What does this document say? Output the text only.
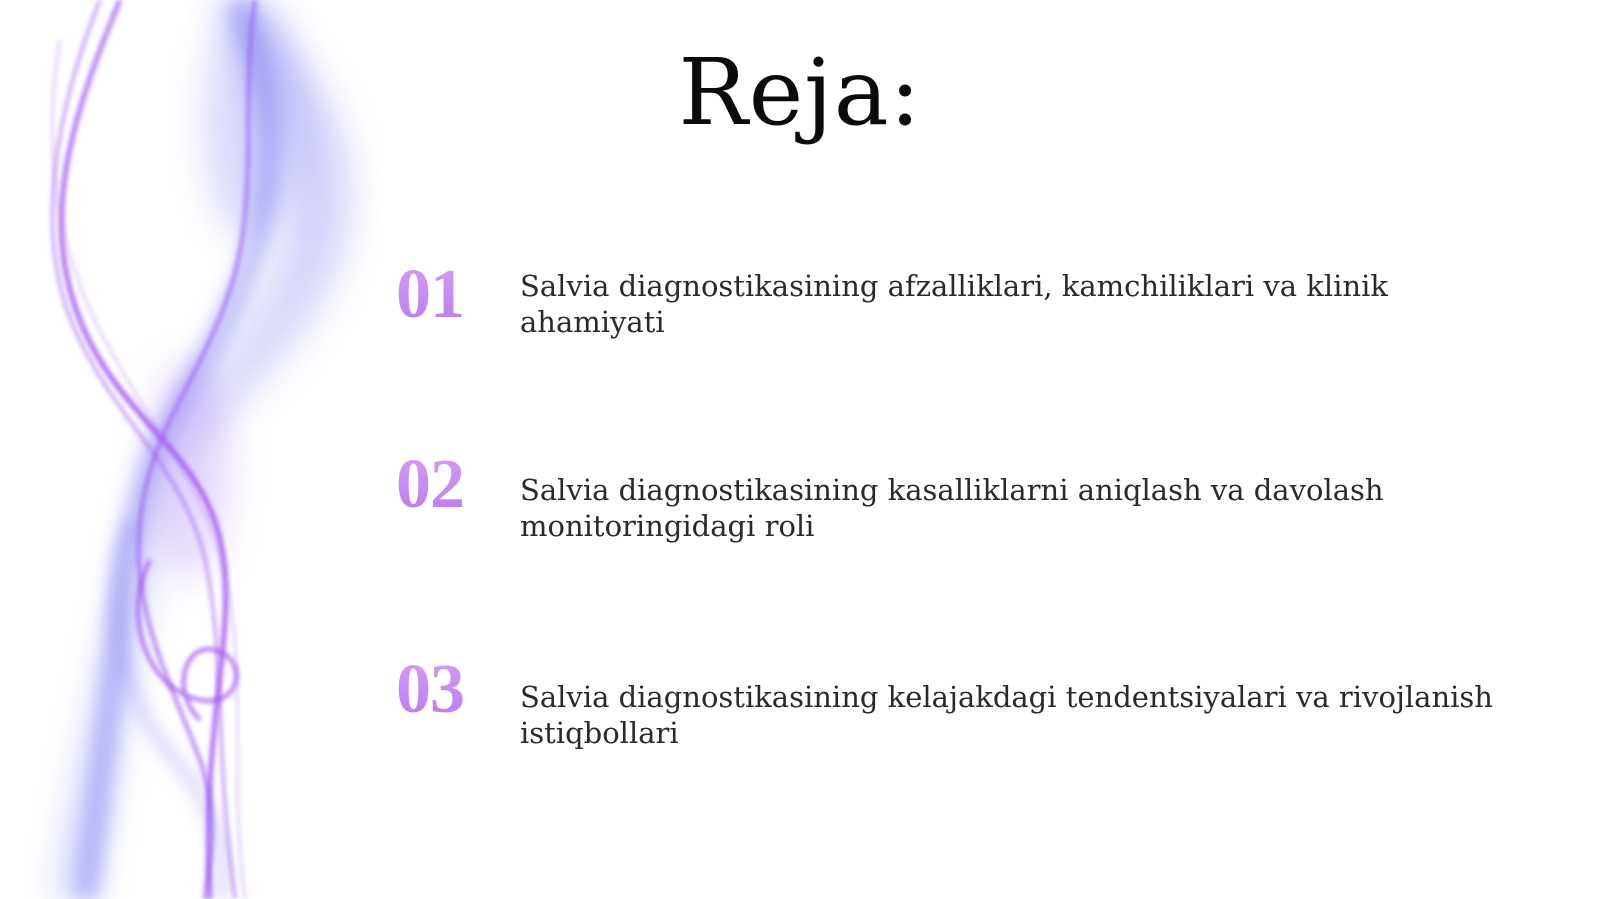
Reja:
01 Salvia diagnostikasining afzalliklari, kamchiliklari va klinik ahamiyati
02 Salvia diagnostikasining kasalliklarni aniqlash va davolash monitoringidagi roli
03 Salvia diagnostikasining kelajakdagi tendentsiyalari va rivojlanish istiqbollari
